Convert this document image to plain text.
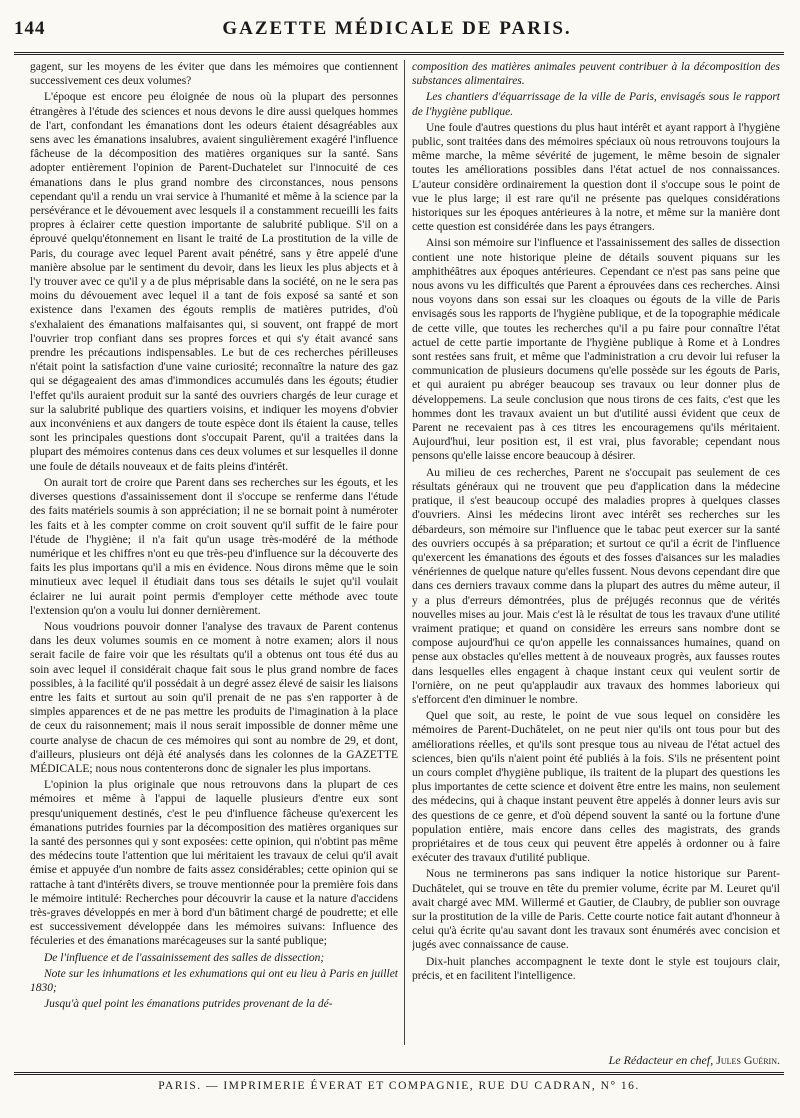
144	GAZETTE MÉDICALE DE PARIS.

gagent, sur les moyens de les éviter que dans les mémoires que contiennent successivement ces deux volumes?

L'époque est encore peu éloignée de nous où la plupart des personnes étrangères à l'étude des sciences et nous devons le dire aussi quelques hommes de l'art, confondant les émanations dont les odeurs étaient désagréables aux sens avec les émanations insalubres, avaient singulièrement exagéré l'influence fâcheuse de la décomposition des matières organiques sur la santé. Sans adopter entièrement l'opinion de Parent-Duchatelet sur l'innocuité de ces émanations dans le plus grand nombre des circonstances, nous pensons cependant qu'il a rendu un vrai service à l'humanité et même à la science par la persévérance et le dévouement avec lesquels il a constamment recueilli les faits propres à éclairer cette question importante de salubrité publique. S'il on a éprouvé quelqu'étonnement en lisant le traité de La prostitution de la ville de Paris, du courage avec lequel Parent avait pénétré, sans y être appelé d'une manière absolue par le sentiment du devoir, dans les lieux les plus abjects et à l'y trouver avec ce qu'il y a de plus méprisable dans la société, on ne le sera pas moins du dévouement avec lequel il a tant de fois exposé sa santé et son existence dans l'examen des égouts remplis de matières putrides, d'où s'exhalaient des émanations malfaisantes qui, si souvent, ont frappé de mort l'ouvrier trop confiant dans ses propres forces et qui s'y était avancé sans prendre les précautions indispensables. Le but de ces recherches périlleuses n'était point la satisfaction d'une vaine curiosité; reconnaître la nature des gaz qui se dégageaient des amas d'immondices accumulés dans les égouts; étudier l'effet qu'ils auraient produit sur la santé des ouvriers chargés de leur curage et sur la salubrité publique des quartiers voisins, et indiquer les moyens d'obvier aux inconvéniens et aux dangers de toute espèce dont ils étaient la cause, telles sont les principales questions dont s'occupait Parent, qu'il a traitées dans la plupart des mémoires contenus dans ces deux volumes et sur lesquelles il donne une foule de détails nouveaux et de faits pleins d'intérêt.

On aurait tort de croire que Parent dans ses recherches sur les égouts, et les diverses questions d'assainissement dont il s'occupe se renferme dans l'étude des faits matériels soumis à son appréciation; il ne se bornait point à numéroter les faits et à les compter comme on croit souvent qu'il suffit de le faire pour l'étude de l'hygiène; il n'a fait qu'un usage très-modéré de la méthode numérique et les chiffres n'ont eu que très-peu d'influence sur la découverte des faits les plus importans qu'il a mis en évidence. Nous dirons même que le soin minutieux avec lequel il étudiait dans tous ses détails le sujet qu'il voulait éclairer ne lui aurait point permis d'employer cette méthode avec toute l'extension qu'on a voulu lui donner dernièrement.

Nous voudrions pouvoir donner l'analyse des travaux de Parent contenus dans les deux volumes soumis en ce moment à notre examen; alors il nous serait facile de faire voir que les résultats qu'il a obtenus ont tous été dus au soin avec lequel il considérait chaque fait sous le plus grand nombre de faces possibles, à la facilité qu'il possédait à un degré assez élevé de saisir les liaisons entre les faits et surtout au soin qu'il prenait de ne pas s'en rapporter à de simples apparences et de ne pas mettre les produits de l'imagination à la place de ceux du raisonnement; mais il nous serait impossible de donner même une courte analyse de chacun de ces mémoires qui sont au nombre de 29, et dont, d'ailleurs, plusieurs ont déjà été analysés dans les colonnes de la GAZETTE MÉDICALE; nous nous contenterons donc de signaler les plus importans.

L'opinion la plus originale que nous retrouvons dans la plupart de ces mémoires et même à l'appui de laquelle plusieurs d'entre eux sont presqu'uniquement destinés, c'est le peu d'influence fâcheuse qu'exercent les émanations putrides fournies par la décomposition des matières organiques sur la santé des personnes qui y sont exposées: cette opinion, qui n'obtint pas même des médecins toute l'attention que lui méritaient les travaux de celui qu'il avait émise et appuyée d'un nombre de faits assez considérables; cette opinion qui se rattache à tant d'intérêts divers, se trouve mentionnée pour la première fois dans le mémoire intitulé: Recherches pour découvrir la cause et la nature d'accidens très-graves développés en mer à bord d'un bâtiment chargé de poudrette; et elle est successivement développée dans les mémoires suivans: Influence des féculeries et des émanations marécageuses sur la santé publique;

De l'influence et de l'assainissement des salles de dissection;

Note sur les inhumations et les exhumations qui ont eu lieu à Paris en juillet 1830;

Jusqu'à quel point les émanations putrides provenant de la dé-

composition des matières animales peuvent contribuer à la décomposition des substances alimentaires.

Les chantiers d'équarrissage de la ville de Paris, envisagés sous le rapport de l'hygiène publique.

Une foule d'autres questions du plus haut intérêt et ayant rapport à l'hygiène public, sont traitées dans des mémoires spéciaux où nous retrouvons toujours la même marche, la même sévérité de jugement, le même besoin de signaler toutes les améliorations possibles dans l'état actuel de nos connaissances. L'auteur considère ordinairement la question dont il s'occupe sous le point de vue le plus large; il est rare qu'il ne présente pas quelques considérations historiques sur les époques antérieures à la notre, et même sur la manière dont cette question est considérée dans les pays étrangers.

Ainsi son mémoire sur l'influence et l'assainissement des salles de dissection contient une note historique pleine de détails souvent piquans sur les amphithéâtres aux époques antérieures. Cependant ce n'est pas sans peine que nous avons vu les difficultés que Parent a éprouvées dans ces recherches. Ainsi nous voyons dans son essai sur les cloaques ou égouts de la ville de Paris envisagés sous les rapports de l'hygiène publique, et de la topographie médicale de cette ville, que toutes les recherches qu'il a pu faire pour connaître l'état actuel de cette partie importante de l'hygiène publique à Rome et à Londres sont restées sans fruit, et même que l'administration a cru devoir lui refuser la communication de plusieurs documens qu'elle possède sur les égouts de Paris, et qui auraient pu abréger beaucoup ses travaux ou leur donner plus de développemens. La seule conclusion que nous tirons de ces faits, c'est que les hommes dont les travaux avaient un but d'utilité aussi évident que ceux de Parent ne recevaient pas à ces titres les encouragemens qu'ils méritaient. Aujourd'hui, leur position est, il est vrai, plus favorable; cependant nous pensons qu'elle laisse encore beaucoup à désirer.

Au milieu de ces recherches, Parent ne s'occupait pas seulement de ces résultats généraux qui ne trouvent que peu d'application dans la médecine pratique, il s'est beaucoup occupé des maladies propres à quelques classes d'ouvriers. Ainsi les médecins liront avec intérêt ses recherches sur les débardeurs, son mémoire sur l'influence que le tabac peut exercer sur la santé des ouvriers occupés à sa préparation; et surtout ce qu'il a écrit de l'influence qu'exercent les émanations des égouts et des fosses d'aisances sur les maladies vénériennes de quelque nature qu'elles fussent. Nous devons cependant dire que dans ces derniers travaux comme dans la plupart des autres du même auteur, il y a plus d'erreurs démontrées, plus de préjugés reconnus que de vérités nouvelles mises au jour. Mais c'est là le résultat de tous les travaux d'une utilité vraiment pratique; et quand on considère les erreurs sans nombre dont se compose aujourd'hui ce qu'on appelle les connaissances humaines, quand on pense aux obstacles qu'elles mettent à de nouveaux progrès, aux fausses routes dans lesquelles elles engagent à chaque instant ceux qui veulent sortir de l'ornière, on ne peut qu'applaudir aux travaux des hommes laborieux qui s'efforcent d'en diminuer le nombre.

Quel que soit, au reste, le point de vue sous lequel on considère les mémoires de Parent-Duchâtelet, on ne peut nier qu'ils ont tous pour but des améliorations réelles, et qu'ils sont presque tous au niveau de l'état actuel des sciences, bien qu'ils n'aient point été publiés à la fois. S'ils ne présentent point un cours complet d'hygiène publique, ils traitent de la plupart des questions les plus importantes de cette science et doivent être entre les mains, non seulement des médecins, qui à chaque instant peuvent être appelés à donner leurs avis sur des questions de ce genre, et d'où dépend souvent la santé ou la fortune d'une population entière, mais encore dans celles des magistrats, des grands propriétaires et de tous ceux qui peuvent être appelés à ordonner ou à faire exécuter des travaux d'utilité publique.

Nous ne terminerons pas sans indiquer la notice historique sur Parent-Duchâtelet, qui se trouve en tête du premier volume, écrite par M. Leuret qu'il avait chargé avec MM. Willermé et Gautier, de Claubry, de publier son ouvrage sur la prostitution de la ville de Paris. Cette courte notice fait autant d'honneur à celui qu'à écrite qu'au savant dont les travaux sont énumérés avec concision et jugés avec connaissance de cause.

Dix-huit planches accompagnent le texte dont le style est toujours clair, précis, et en facilitent l'intelligence.

Le Rédacteur en chef, Jules Guérin.
PARIS. — IMPRIMERIE ÉVERAT ET COMPAGNIE, RUE DU CADRAN, N° 16.
